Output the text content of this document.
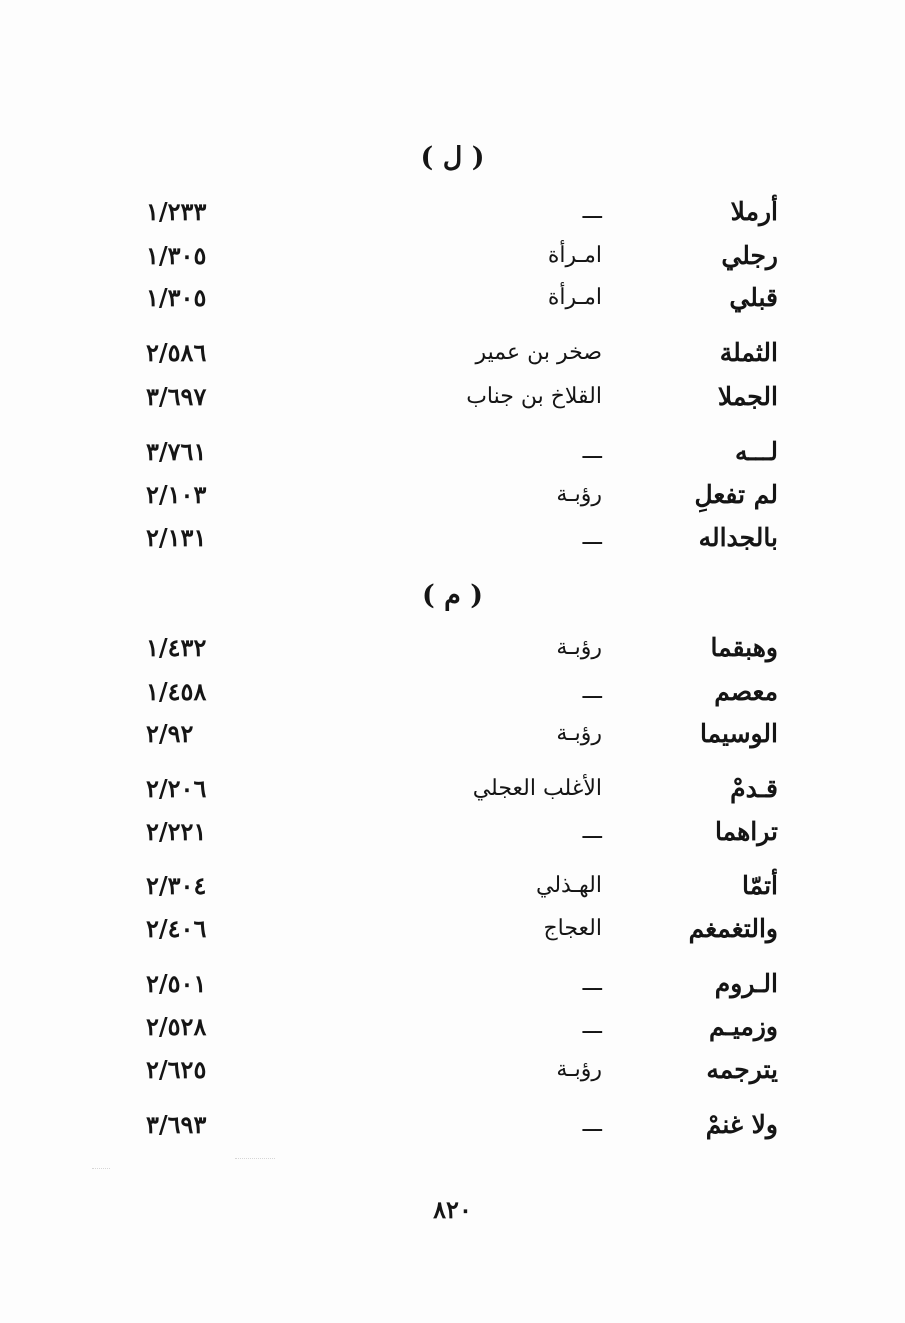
( ل )
أرملا
ـــ
۱/۲۳۳
رجلي
امـرأة
۱/۳۰٥
قبلي
امـرأة
۱/۳۰٥
الثملة
صخر بن عمير
۲/٥۸٦
الجملا
القلاخ بن جناب
۳/٦۹۷
لـــه
ـــ
۳/۷٦۱
لم تفعلِ
رؤبـة
۲/۱۰۳
بالجداله
ـــ
۲/۱۳۱
( م )
وهبقما
رؤبـة
۱/٤۳۲
معصم
ـــ
۱/٤٥۸
الوسيما
رؤبـة
۲/۹۲
قـدمْ
الأغلب العجلي
۲/۲۰٦
تراهما
ـــ
۲/۲۲۱
أتمّا
الهـذلي
۲/۳۰٤
والتغمغم
العجاج
۲/٤۰٦
الـروم
ـــ
۲/٥۰۱
وزميـم
ـــ
۲/٥۲۸
يترجمه
رؤبـة
۲/٦۲٥
ولا غنمْ
ـــ
۳/٦۹۳
۸۲۰
